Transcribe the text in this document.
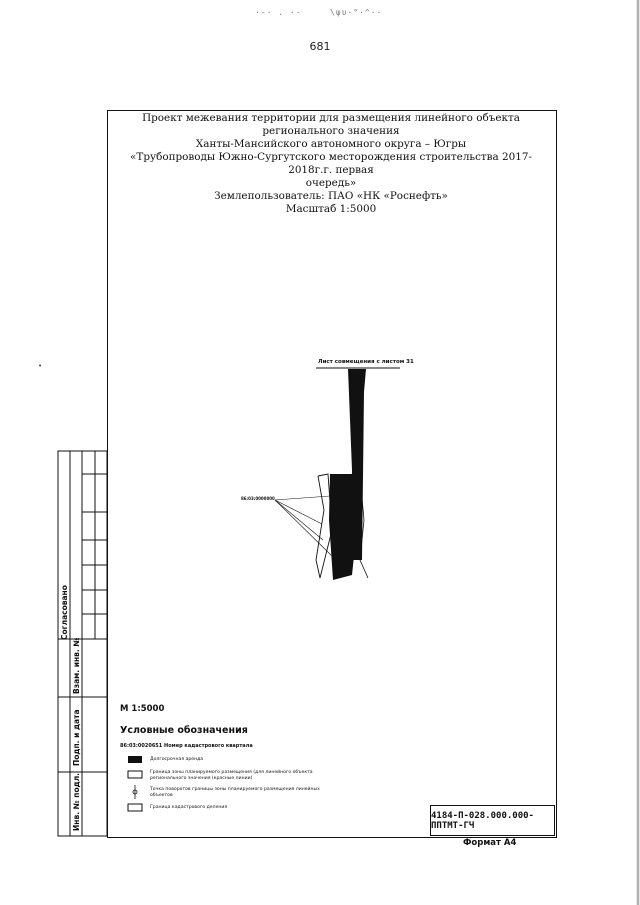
681
·-· . ··	\ψυ·°·^··
•
Проект межевания территории для размещения линейного объекта регионального значения
Ханты-Мансийского автономного округа – Югры
«Трубопроводы Южно-Сургутского месторождения строительства 2017-2018г.г. первая
очередь»
Землепользователь: ПАО «НК «Роснефть»
Масштаб 1:5000
Лист совмещения с листом 31
86:03:0000000
Согласовано
Взам. инв. №
Подп. и дата
Инв. № подл.
М 1:5000
Условные обозначения
86:03:0020651 Номер кадастрового квартала
Долгосрочная аренда
Граница зоны планируемого размещения (для линейного объекта регионального значения (красные линии)
Точка поворотов границы зоны планируемого размещения линейных объектов
Граница кадастрового деления
4184-П-028.000.000-ППТМТ-ГЧ
Формат А4
